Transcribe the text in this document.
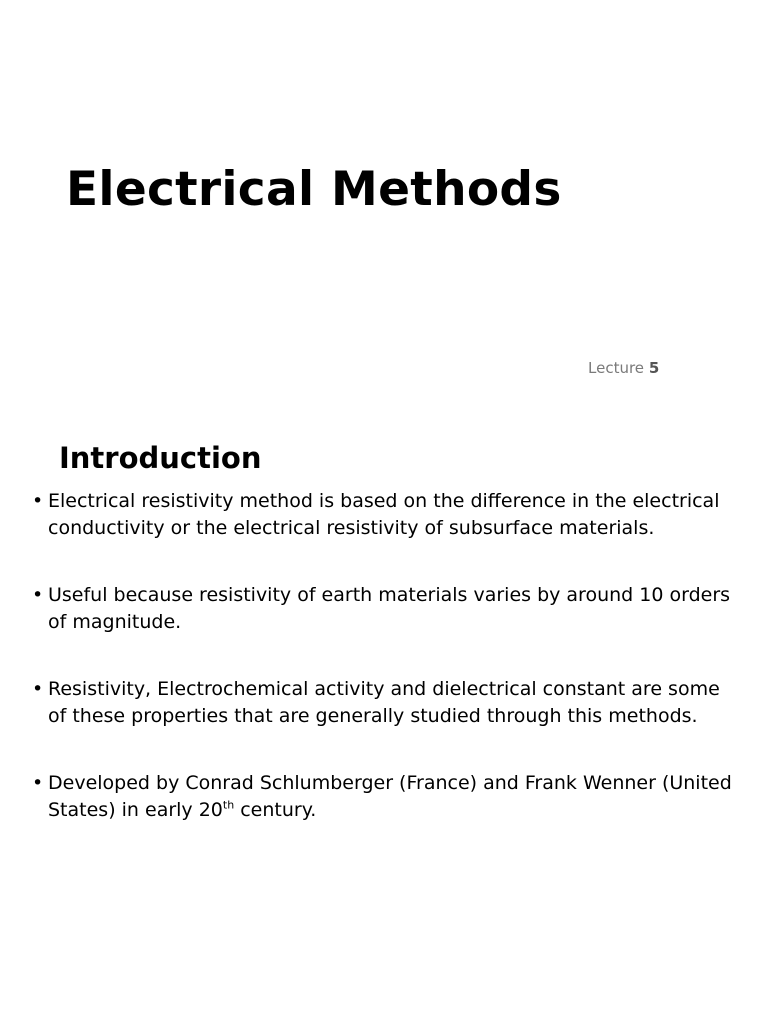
Electrical Methods
Lecture 5
Introduction
• Electrical resistivity method is based on the difference in the electrical conductivity or the electrical resistivity of subsurface materials.
• Useful because resistivity of earth materials varies by around 10 orders of magnitude.
• Resistivity, Electrochemical activity and dielectrical constant are some of these properties that are generally studied through this methods.
• Developed by Conrad Schlumberger (France) and Frank Wenner (United States) in early 20th century.
